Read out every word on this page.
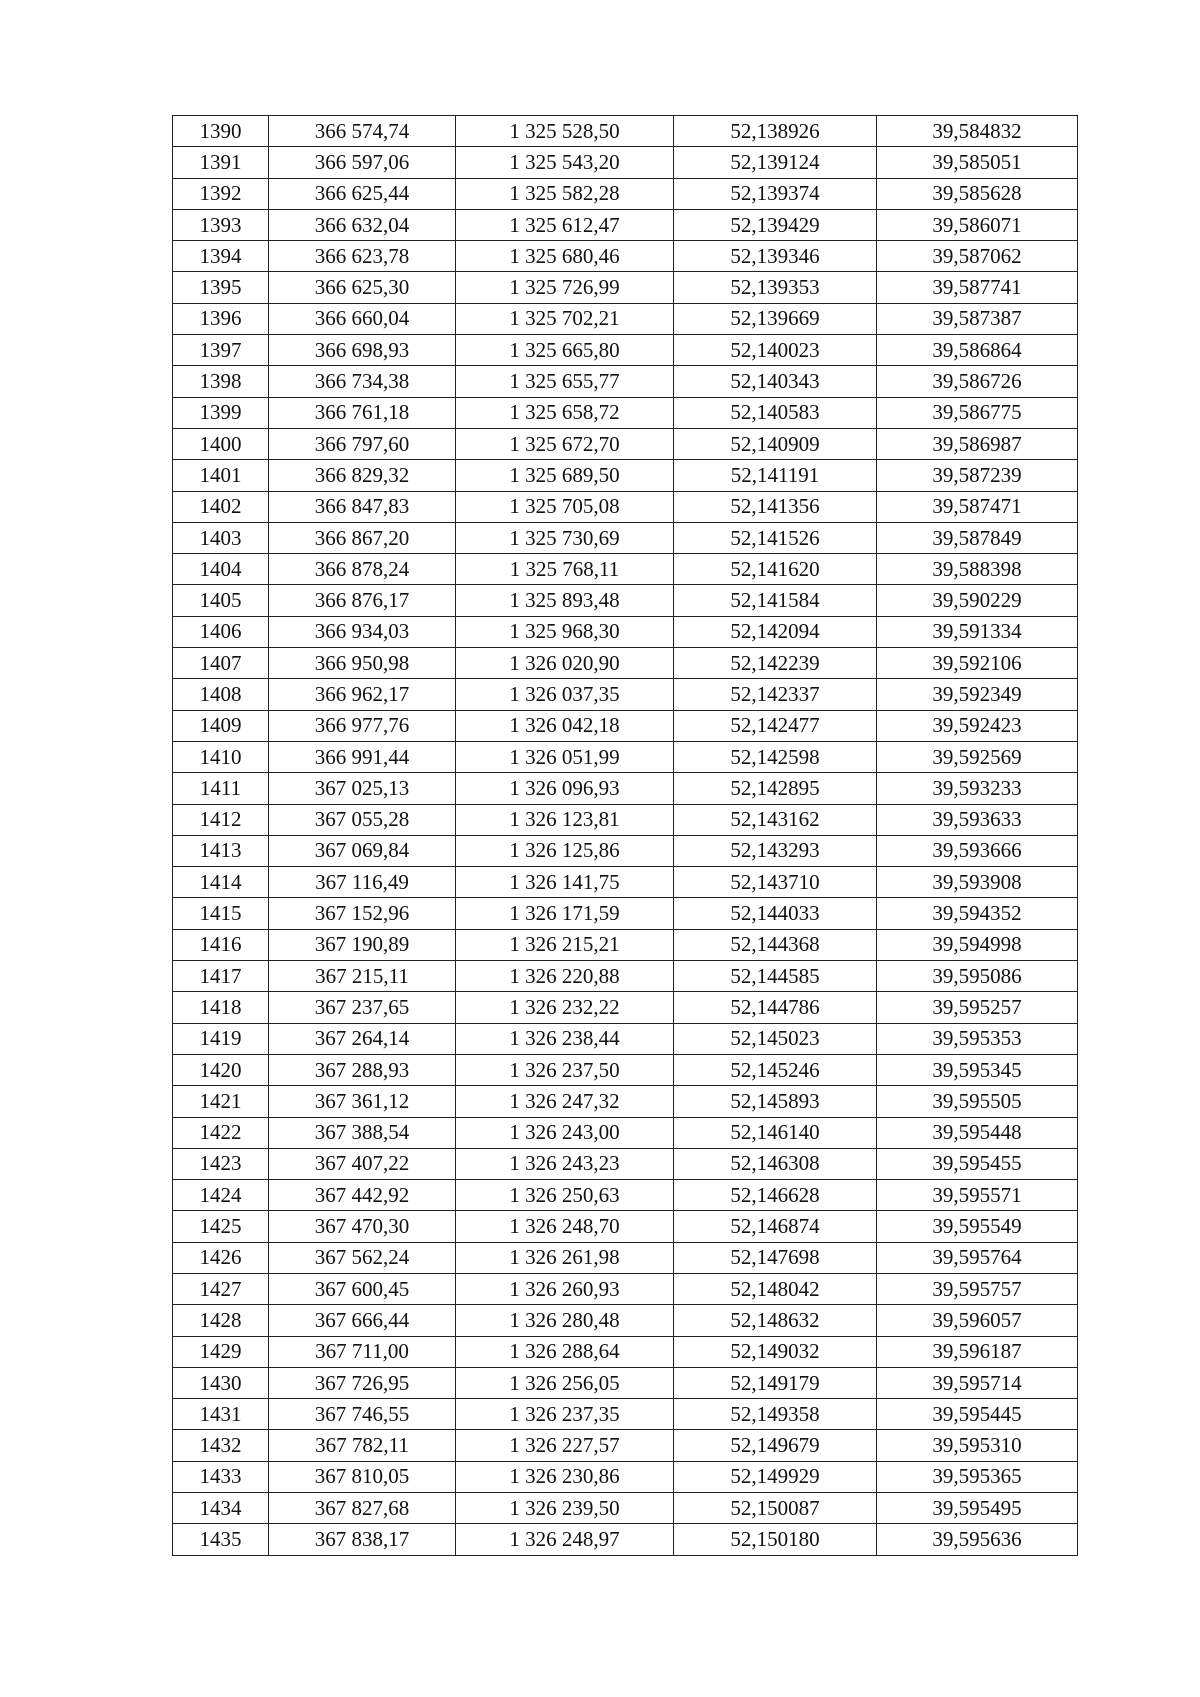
1390	366 574,74	1 325 528,50	52,138926	39,584832
1391	366 597,06	1 325 543,20	52,139124	39,585051
1392	366 625,44	1 325 582,28	52,139374	39,585628
1393	366 632,04	1 325 612,47	52,139429	39,586071
1394	366 623,78	1 325 680,46	52,139346	39,587062
1395	366 625,30	1 325 726,99	52,139353	39,587741
1396	366 660,04	1 325 702,21	52,139669	39,587387
1397	366 698,93	1 325 665,80	52,140023	39,586864
1398	366 734,38	1 325 655,77	52,140343	39,586726
1399	366 761,18	1 325 658,72	52,140583	39,586775
1400	366 797,60	1 325 672,70	52,140909	39,586987
1401	366 829,32	1 325 689,50	52,141191	39,587239
1402	366 847,83	1 325 705,08	52,141356	39,587471
1403	366 867,20	1 325 730,69	52,141526	39,587849
1404	366 878,24	1 325 768,11	52,141620	39,588398
1405	366 876,17	1 325 893,48	52,141584	39,590229
1406	366 934,03	1 325 968,30	52,142094	39,591334
1407	366 950,98	1 326 020,90	52,142239	39,592106
1408	366 962,17	1 326 037,35	52,142337	39,592349
1409	366 977,76	1 326 042,18	52,142477	39,592423
1410	366 991,44	1 326 051,99	52,142598	39,592569
1411	367 025,13	1 326 096,93	52,142895	39,593233
1412	367 055,28	1 326 123,81	52,143162	39,593633
1413	367 069,84	1 326 125,86	52,143293	39,593666
1414	367 116,49	1 326 141,75	52,143710	39,593908
1415	367 152,96	1 326 171,59	52,144033	39,594352
1416	367 190,89	1 326 215,21	52,144368	39,594998
1417	367 215,11	1 326 220,88	52,144585	39,595086
1418	367 237,65	1 326 232,22	52,144786	39,595257
1419	367 264,14	1 326 238,44	52,145023	39,595353
1420	367 288,93	1 326 237,50	52,145246	39,595345
1421	367 361,12	1 326 247,32	52,145893	39,595505
1422	367 388,54	1 326 243,00	52,146140	39,595448
1423	367 407,22	1 326 243,23	52,146308	39,595455
1424	367 442,92	1 326 250,63	52,146628	39,595571
1425	367 470,30	1 326 248,70	52,146874	39,595549
1426	367 562,24	1 326 261,98	52,147698	39,595764
1427	367 600,45	1 326 260,93	52,148042	39,595757
1428	367 666,44	1 326 280,48	52,148632	39,596057
1429	367 711,00	1 326 288,64	52,149032	39,596187
1430	367 726,95	1 326 256,05	52,149179	39,595714
1431	367 746,55	1 326 237,35	52,149358	39,595445
1432	367 782,11	1 326 227,57	52,149679	39,595310
1433	367 810,05	1 326 230,86	52,149929	39,595365
1434	367 827,68	1 326 239,50	52,150087	39,595495
1435	367 838,17	1 326 248,97	52,150180	39,595636
